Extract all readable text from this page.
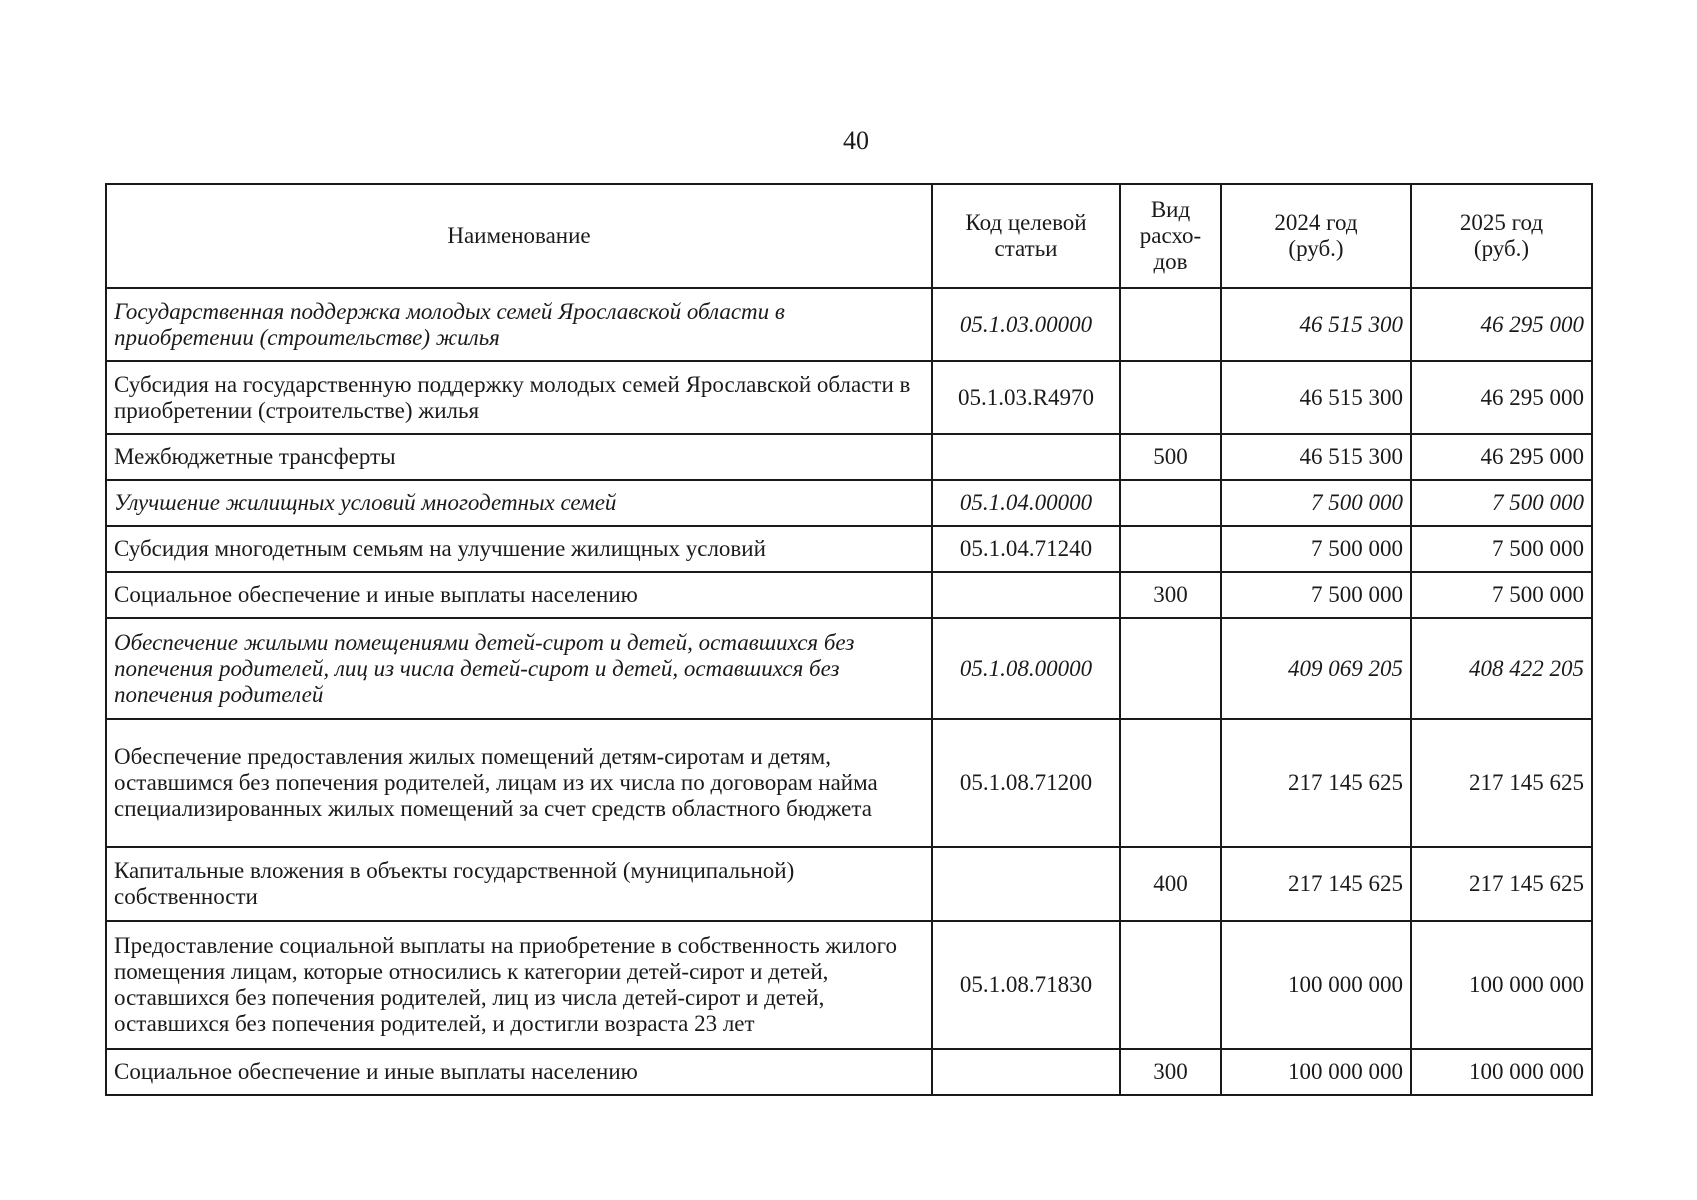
40
Наименование	Код целевой статьи	Вид расхо-дов	2024 год (руб.)	2025 год (руб.)
Государственная поддержка молодых семей Ярославской области в приобретении (строительстве) жилья	05.1.03.00000		46 515 300	46 295 000
Субсидия на государственную поддержку молодых семей Ярославской области в приобретении (строительстве) жилья	05.1.03.R4970		46 515 300	46 295 000
Межбюджетные трансферты		500	46 515 300	46 295 000
Улучшение жилищных условий многодетных семей	05.1.04.00000		7 500 000	7 500 000
Субсидия многодетным семьям на улучшение жилищных условий	05.1.04.71240		7 500 000	7 500 000
Социальное обеспечение и иные выплаты населению		300	7 500 000	7 500 000
Обеспечение жилыми помещениями детей-сирот и детей, оставшихся без попечения родителей, лиц из числа детей-сирот и детей, оставшихся без попечения родителей	05.1.08.00000		409 069 205	408 422 205
Обеспечение предоставления жилых помещений детям-сиротам и детям, оставшимся без попечения родителей, лицам из их числа по договорам найма специализированных жилых помещений за счет средств областного бюджета	05.1.08.71200		217 145 625	217 145 625
Капитальные вложения в объекты государственной (муниципальной) собственности		400	217 145 625	217 145 625
Предоставление социальной выплаты на приобретение в собственность жилого помещения лицам, которые относились к категории детей-сирот и детей, оставшихся без попечения родителей, лиц из числа детей-сирот и детей, оставшихся без попечения родителей, и достигли возраста 23 лет	05.1.08.71830		100 000 000	100 000 000
Социальное обеспечение и иные выплаты населению		300	100 000 000	100 000 000
